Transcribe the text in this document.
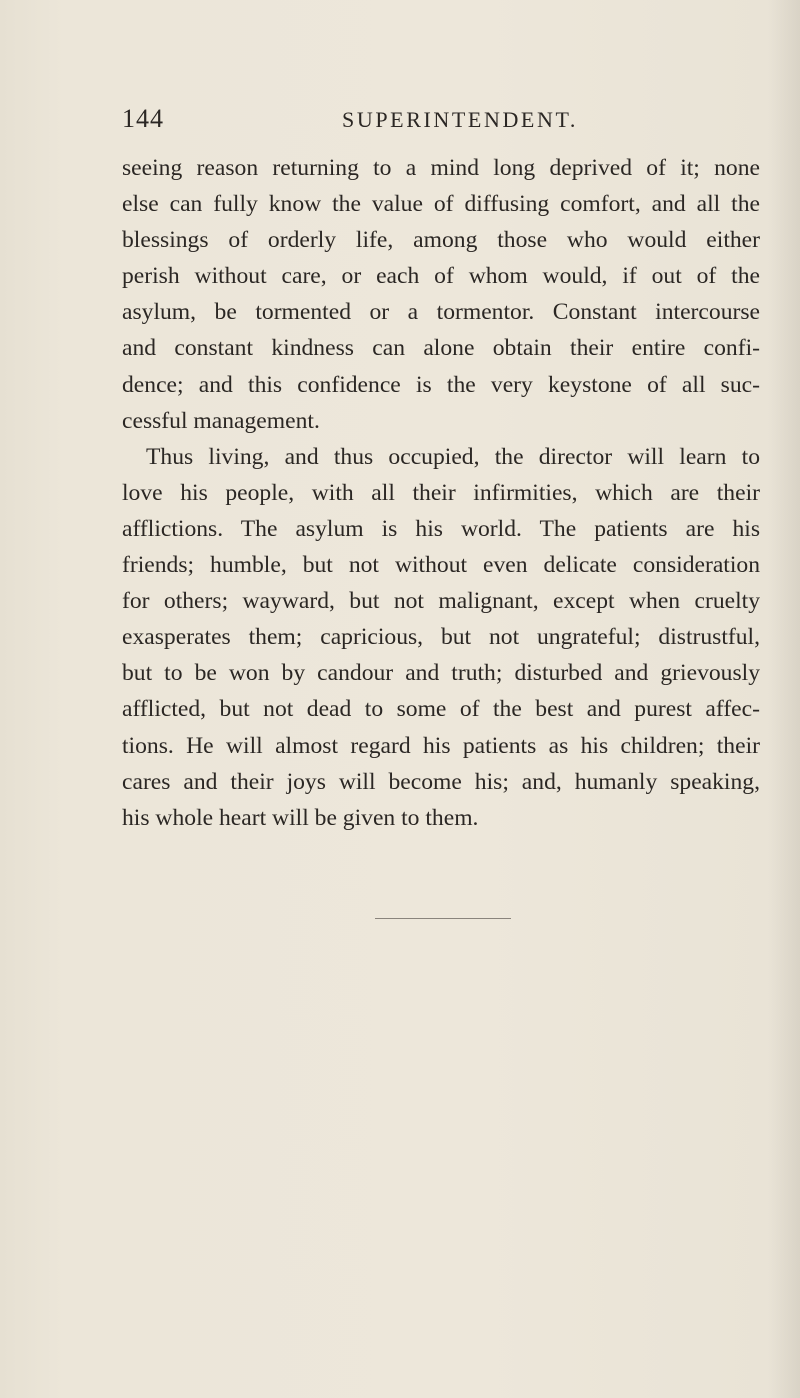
144	SUPERINTENDENT.
seeing reason returning to a mind long deprived of it; none
else can fully know the value of diffusing comfort, and all the
blessings of orderly life, among those who would either
perish without care, or each of whom would, if out of the
asylum, be tormented or a tormentor. Constant intercourse
and constant kindness can alone obtain their entire confi-
dence; and this confidence is the very keystone of all suc-
cessful management.
Thus living, and thus occupied, the director will learn to
love his people, with all their infirmities, which are their
afflictions. The asylum is his world. The patients are his
friends; humble, but not without even delicate consideration
for others; wayward, but not malignant, except when cruelty
exasperates them; capricious, but not ungrateful; distrustful,
but to be won by candour and truth; disturbed and grievously
afflicted, but not dead to some of the best and purest affec-
tions. He will almost regard his patients as his children; their
cares and their joys will become his; and, humanly speaking,
his whole heart will be given to them.
